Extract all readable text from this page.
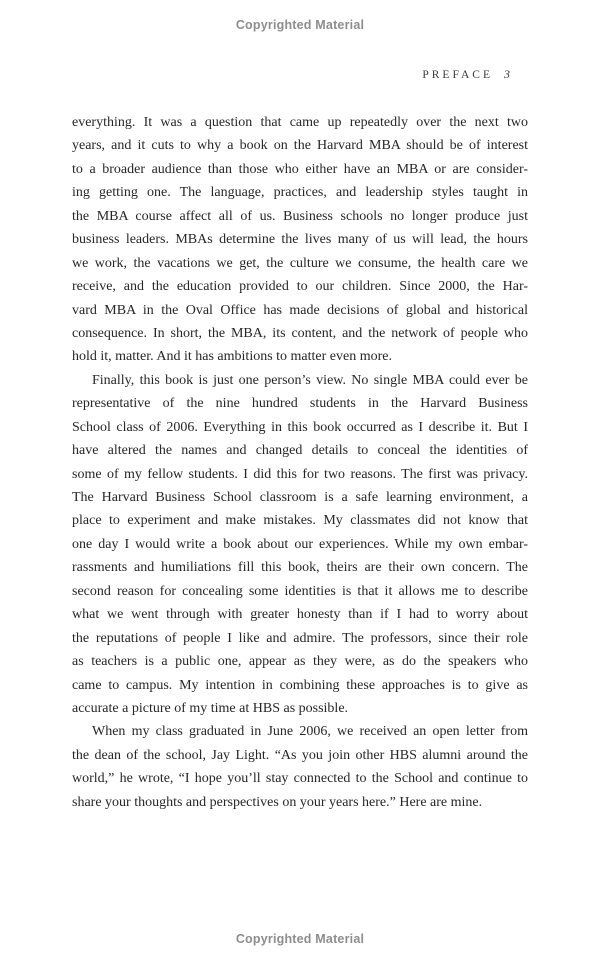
Copyrighted Material
PREFACE 3
everything. It was a question that came up repeatedly over the next two
years, and it cuts to why a book on the Harvard MBA should be of interest
to a broader audience than those who either have an MBA or are consider-
ing getting one. The language, practices, and leadership styles taught in
the MBA course affect all of us. Business schools no longer produce just
business leaders. MBAs determine the lives many of us will lead, the hours
we work, the vacations we get, the culture we consume, the health care we
receive, and the education provided to our children. Since 2000, the Har-
vard MBA in the Oval Office has made decisions of global and historical
consequence. In short, the MBA, its content, and the network of people who
hold it, matter. And it has ambitions to matter even more.
Finally, this book is just one person’s view. No single MBA could ever be
representative of the nine hundred students in the Harvard Business
School class of 2006. Everything in this book occurred as I describe it. But I
have altered the names and changed details to conceal the identities of
some of my fellow students. I did this for two reasons. The first was privacy.
The Harvard Business School classroom is a safe learning environment, a
place to experiment and make mistakes. My classmates did not know that
one day I would write a book about our experiences. While my own embar-
rassments and humiliations fill this book, theirs are their own concern. The
second reason for concealing some identities is that it allows me to describe
what we went through with greater honesty than if I had to worry about
the reputations of people I like and admire. The professors, since their role
as teachers is a public one, appear as they were, as do the speakers who
came to campus. My intention in combining these approaches is to give as
accurate a picture of my time at HBS as possible.
When my class graduated in June 2006, we received an open letter from
the dean of the school, Jay Light. “As you join other HBS alumni around the
world,” he wrote, “I hope you’ll stay connected to the School and continue to
share your thoughts and perspectives on your years here.” Here are mine.
Copyrighted Material
